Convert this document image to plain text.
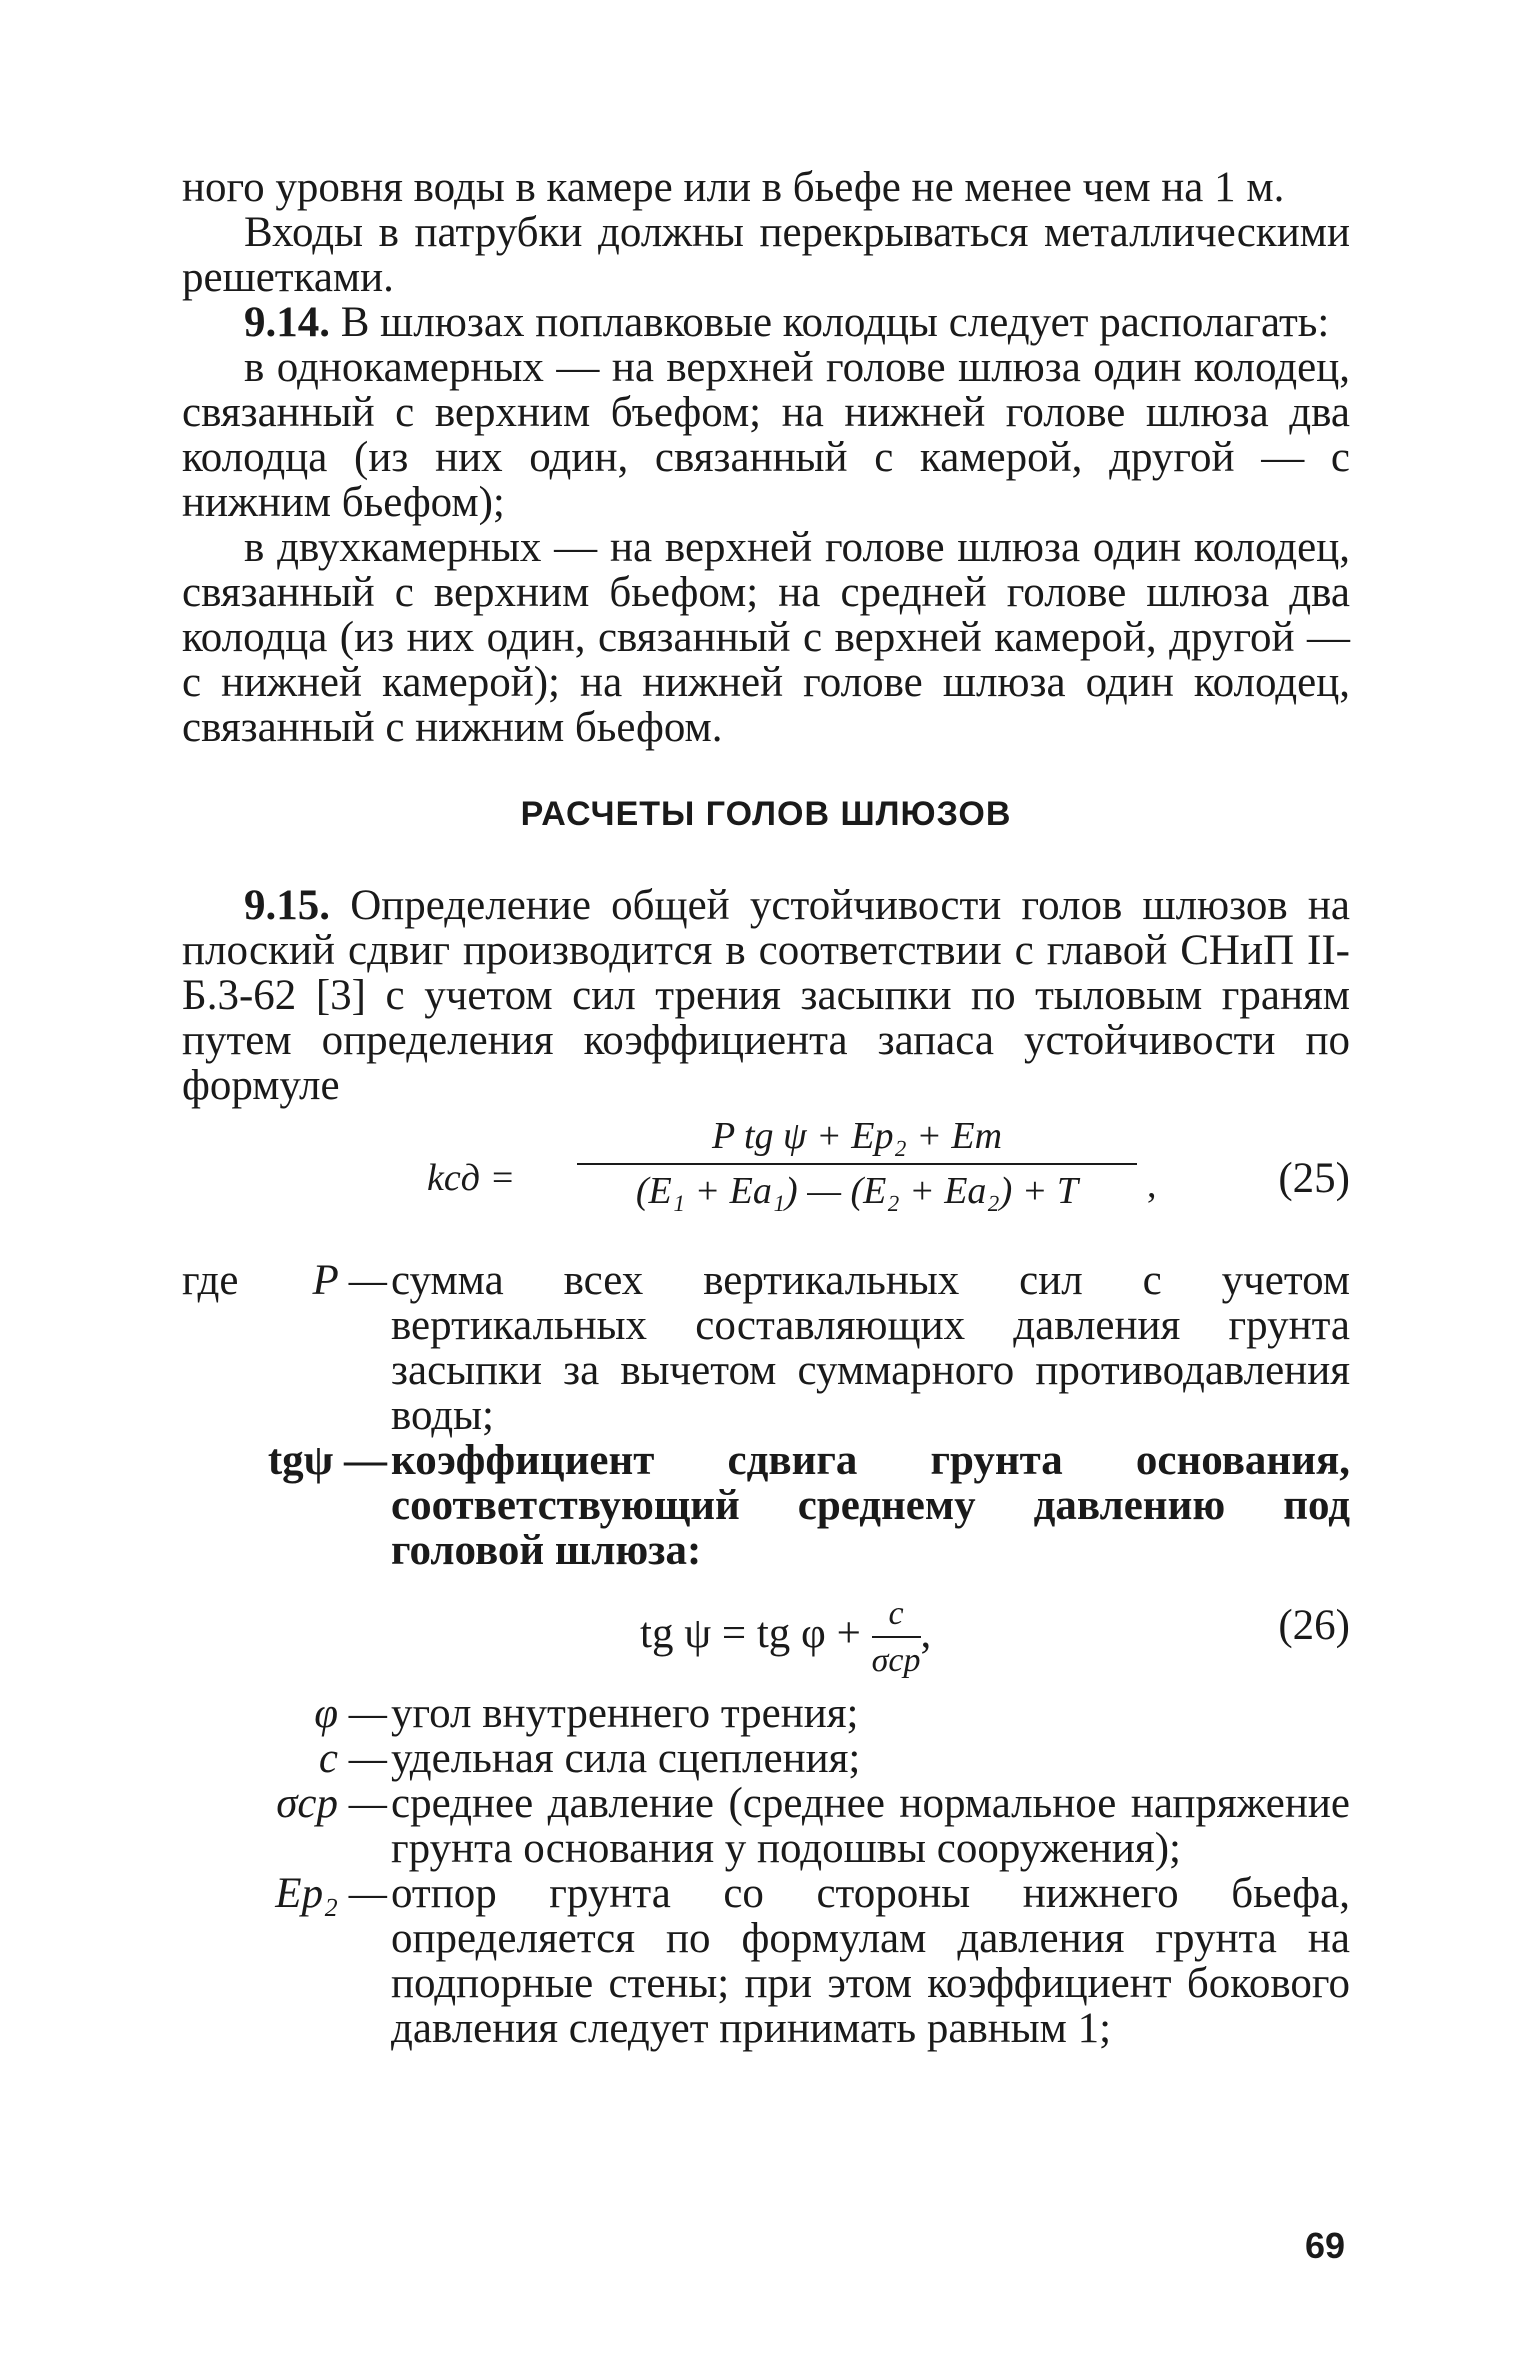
ного уровня воды в камере или в бьефе не менее чем на 1 м.

Входы в патрубки должны перекрываться металлическими решетками.

9.14. В шлюзах поплавковые колодцы следует располагать:

в однокамерных — на верхней голове шлюза один колодец, связанный с верхним бъефом; на нижней голове шлюза два колодца (из них один, связанный с камерой, другой — с нижним бьефом);

в двухкамерных — на верхней голове шлюза один колодец, связанный с верхним бьефом; на средней голове шлюза два колодца (из них один, связанный с верхней камерой, другой — с нижней камерой); на нижней голове шлюза один колодец, связанный с нижним бьефом.

РАСЧЕТЫ ГОЛОВ ШЛЮЗОВ

9.15. Определение общей устойчивости голов шлюзов на плоский сдвиг производится в соответствии с главой СНиП II-Б.3-62 [3] с учетом сил трения засыпки по тыловым граням путем определения коэффициента запаса устойчивости по формуле

kсд =
P tg ψ + Eр₂ + Eт
(E₁ + Eа₁) — (E₂ + Eа₂) + T	,	(25)
где	P — сумма всех вертикальных сил с учетом вертикальных составляющих давления грунта засыпки за вычетом суммарного противодавления воды;
tgψ — коэффициент сдвига грунта основания, соответствующий среднему давлению под головой шлюза:
tg ψ = tg φ + c
σср
,	(26)
φ — угол внутреннего трения;
c — удельная сила сцепления;
σср — среднее давление (среднее нормальное напряжение грунта основания у подошвы сооружения);
Eр₂ — отпор грунта со стороны нижнего бьефа, определяется по формулам давления грунта на подпорные стены; при этом коэффициент бокового давления следует принимать равным 1;
69
